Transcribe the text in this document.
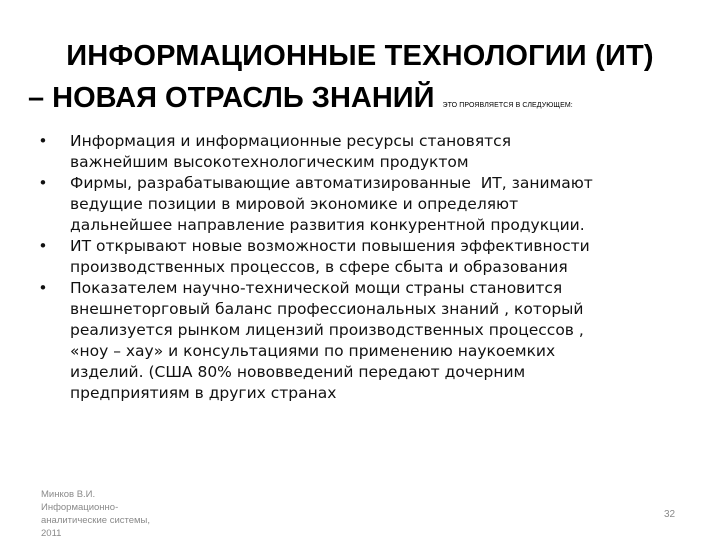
ИНФОРМАЦИОННЫЕ ТЕХНОЛОГИИ (ИТ)
– НОВАЯ ОТРАСЛЬ ЗНАНИЙ ЭТО ПРОЯВЛЯЕТСЯ В СЛЕДУЮЩЕМ:
• Информация и информационные ресурсы становятся
важнейшим высокотехнологическим продуктом
• Фирмы, разрабатывающие автоматизированные  ИТ, занимают
ведущие позиции в мировой экономике и определяют
дальнейшее направление развития конкурентной продукции.
• ИТ открывают новые возможности повышения эффективности
производственных процессов, в сфере сбыта и образования
• Показателем научно-технической мощи страны становится
внешнеторговый баланс профессиональных знаний , который
реализуется рынком лицензий производственных процессов ,
«ноу – хау» и консультациями по применению наукоемких
изделий. (США 80% нововведений передают дочерним
предприятиям в других странах
Минков В.И.
Информационно-
аналитические системы,
2011
32
